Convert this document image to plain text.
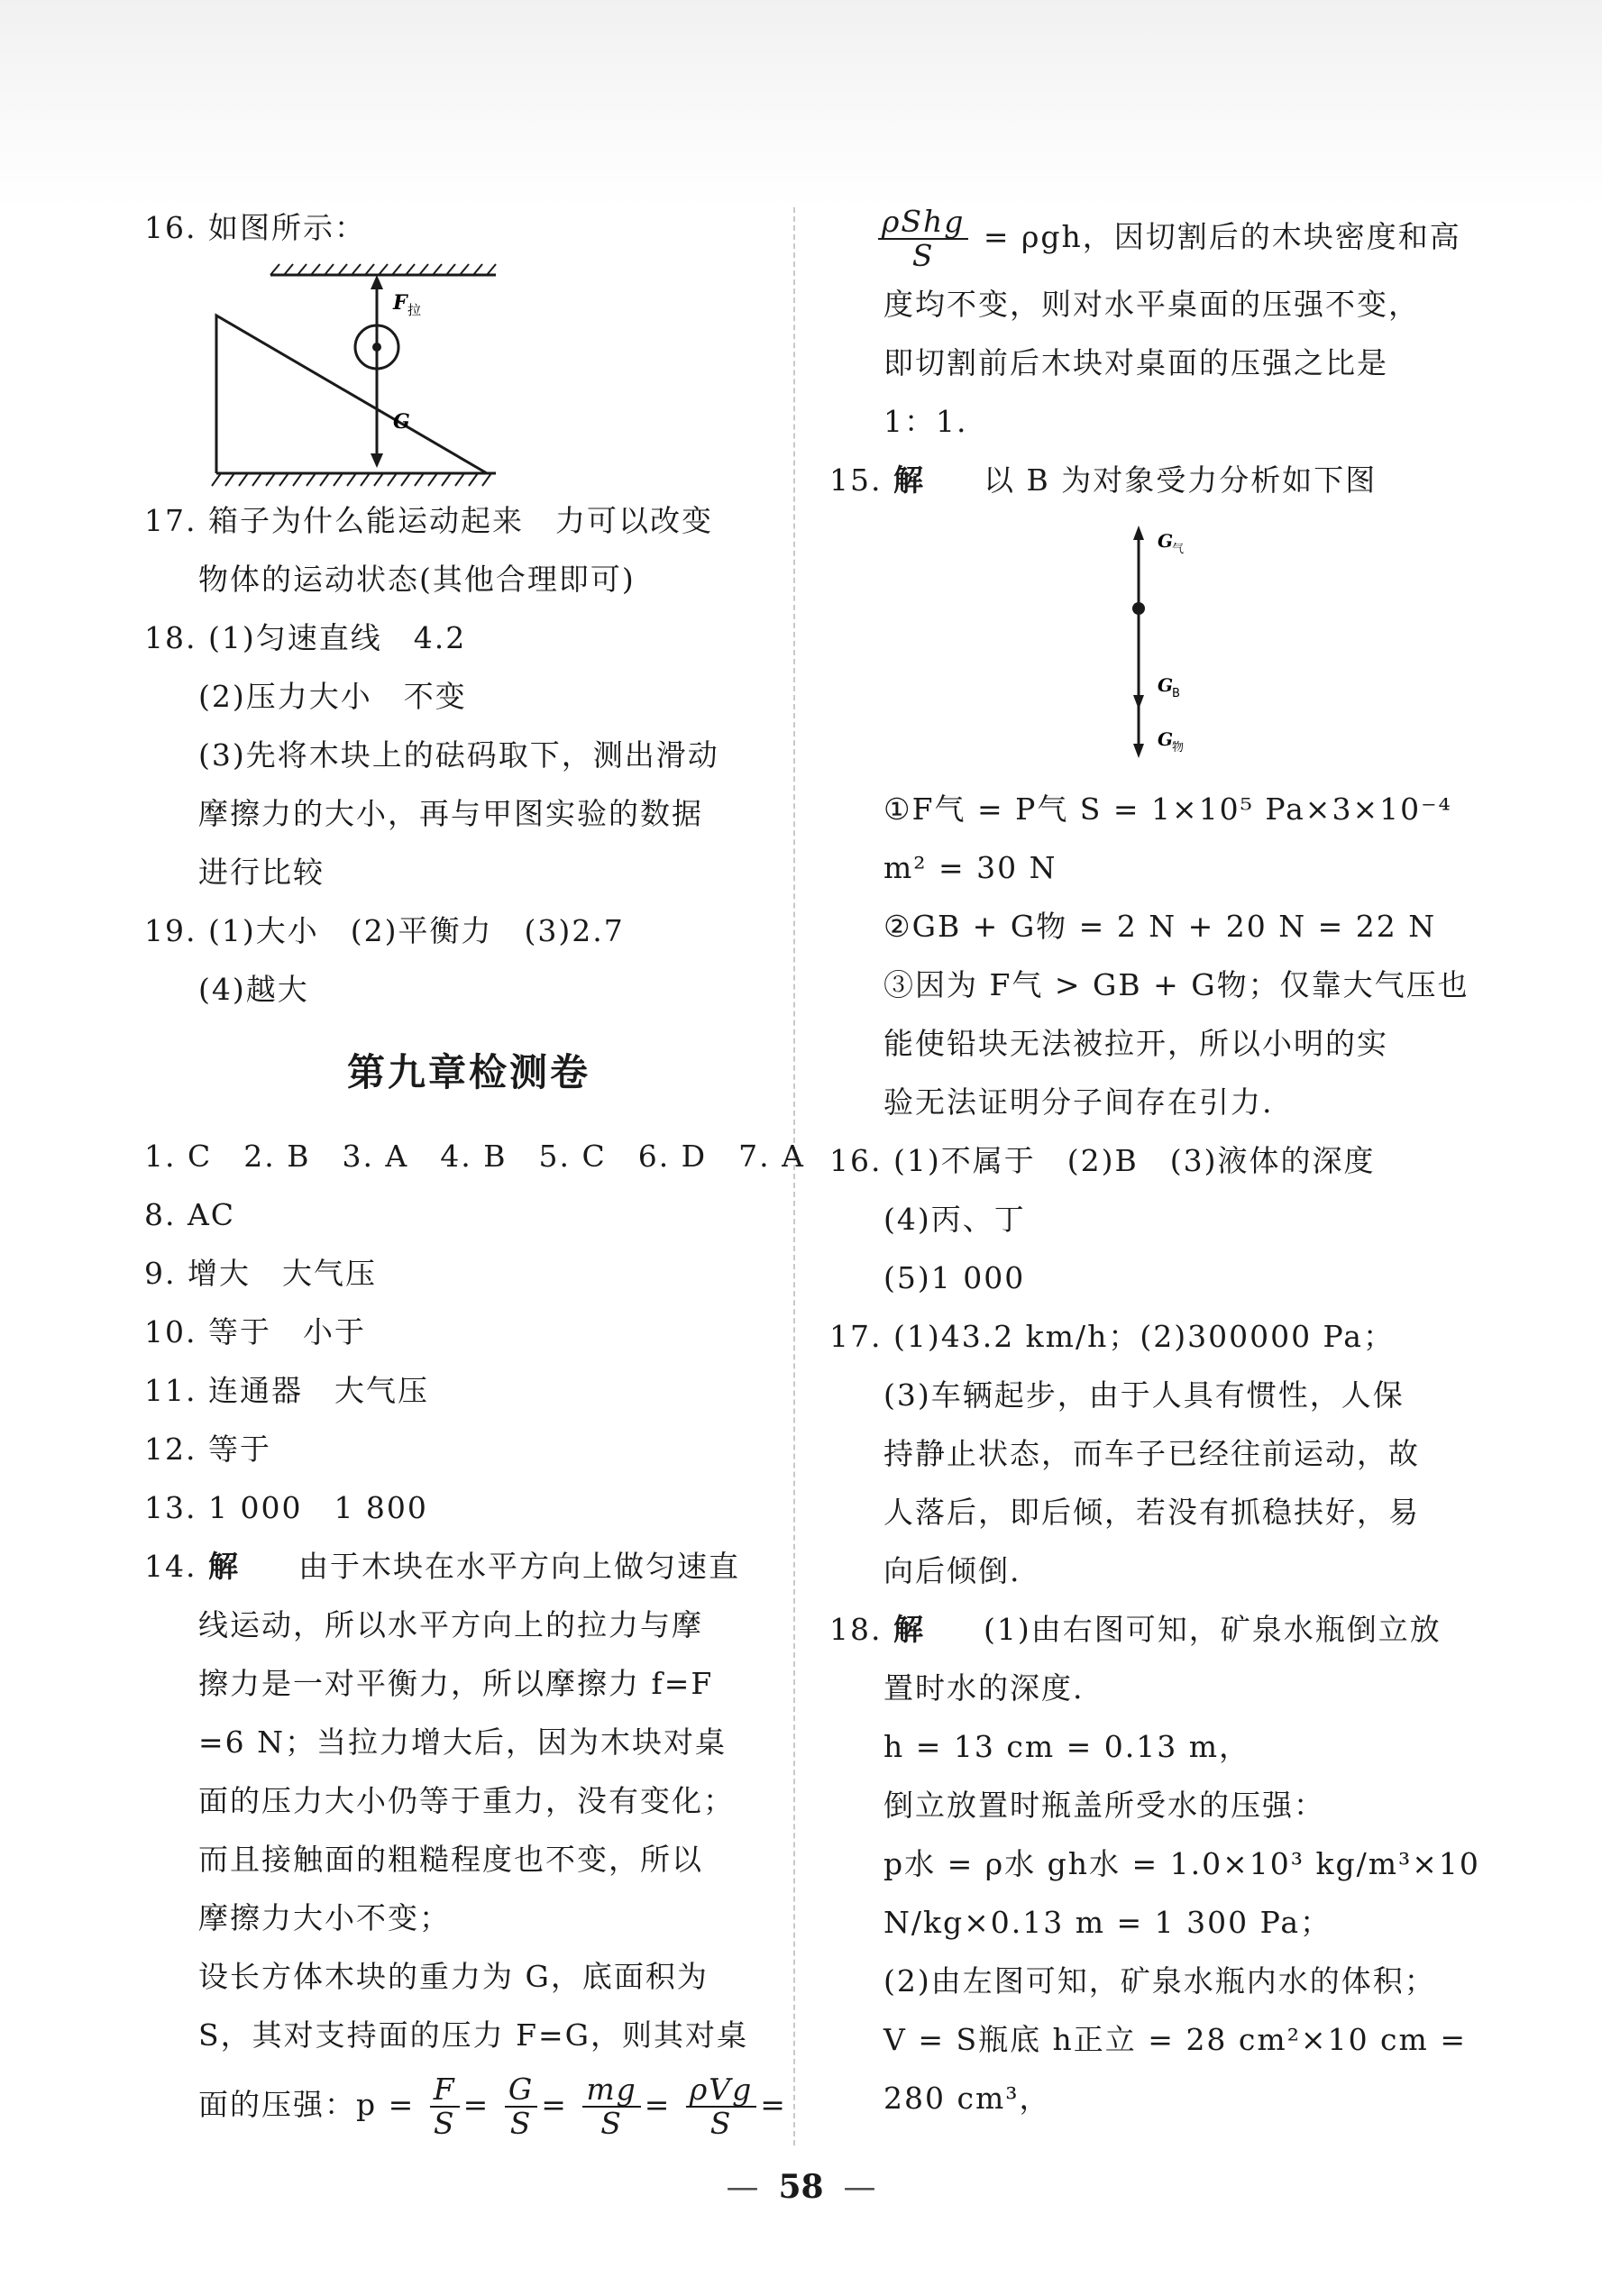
16. 如图所示：
F
拉
G
17. 箱子为什么能运动起来　力可以改变
物体的运动状态(其他合理即可)
18. (1)匀速直线　4.2
(2)压力大小　不变
(3)先将木块上的砝码取下，测出滑动
摩擦力的大小，再与甲图实验的数据
进行比较
19. (1)大小　(2)平衡力　(3)2.7
(4)越大
第九章检测卷
1. C　2. B　3. A　4. B　5. C　6. D　7. A
8. AC
9. 增大　大气压
10. 等于　小于
11. 连通器　大气压
12. 等于
13. 1 000　1 800
14. 解 由于木块在水平方向上做匀速直
线运动，所以水平方向上的拉力与摩
擦力是一对平衡力，所以摩擦力 f=F
=6 N；当拉力增大后，因为木块对桌
面的压力大小仍等于重力，没有变化；
而且接触面的粗糙程度也不变，所以
摩擦力大小不变；
设长方体木块的重力为 G，底面积为
S，其对支持面的压力 F=G，则其对桌
面的压强：$p = \frac{F}{S} = \frac{G}{S} = \frac{mg}{S} = \frac{\text{ρVg}}{S}$ =
$\frac{\text{ρShg}}{S} = \rho gh$，因切割后的木块密度和高
度均不变，则对水平桌面的压强不变，
即切割前后木块对桌面的压强之比是
1：1.
15. 解 以 B 为对象受力分析如下图
G
气
G
B
G
物
①F气 = P气 S = 1×10⁵ Pa×3×10⁻⁴
m² = 30 N
②GB + G物 = 2 N + 20 N = 22 N
③因为 F气 > GB + G物；仅靠大气压也
能使铅块无法被拉开，所以小明的实
验无法证明分子间存在引力.
16. (1)不属于　(2)B　(3)液体的深度
(4)丙、丁
(5)1 000
17. (1)43.2 km/h；(2)300000 Pa；
(3)车辆起步，由于人具有惯性，人保
持静止状态，而车子已经往前运动，故
人落后，即后倾，若没有抓稳扶好，易
向后倾倒.
18. 解 (1)由右图可知，矿泉水瓶倒立放
置时水的深度.
h = 13 cm = 0.13 m，
倒立放置时瓶盖所受水的压强：
p水 = ρ水 gh水 = 1.0×10³ kg/m³×10
N/kg×0.13 m = 1 300 Pa；
(2)由左图可知，矿泉水瓶内水的体积；
V = S瓶底 h正立 = 28 cm²×10 cm =
280 cm³，
— 58 —
